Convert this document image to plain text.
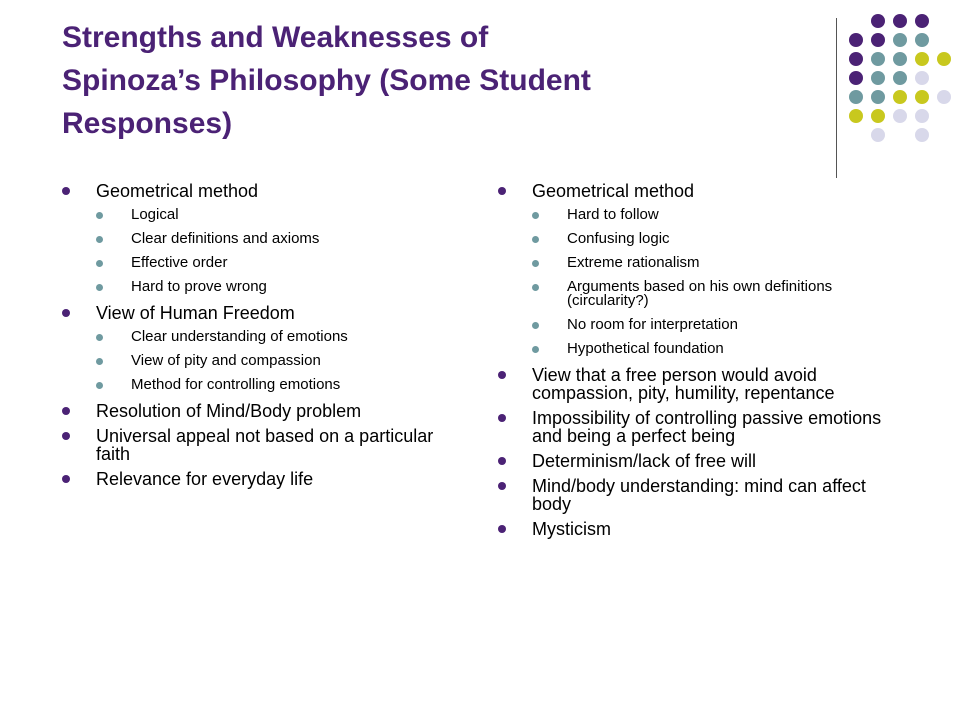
Strengths and Weaknesses of
Spinoza’s Philosophy (Some Student
Responses)
Geometrical method
Logical
Clear definitions and axioms
Effective order
Hard to prove wrong
View of Human Freedom
Clear understanding of emotions
View of pity and compassion
Method for controlling emotions
Resolution of Mind/Body problem
Universal appeal not based on a particular faith
Relevance for everyday life
Geometrical method
Hard to follow
Confusing logic
Extreme rationalism
Arguments based on his own definitions (circularity?)
No room for interpretation
Hypothetical foundation
View that a free person would avoid compassion, pity, humility, repentance
Impossibility of controlling passive emotions and being a perfect being
Determinism/lack of free will
Mind/body understanding: mind can affect body
Mysticism
